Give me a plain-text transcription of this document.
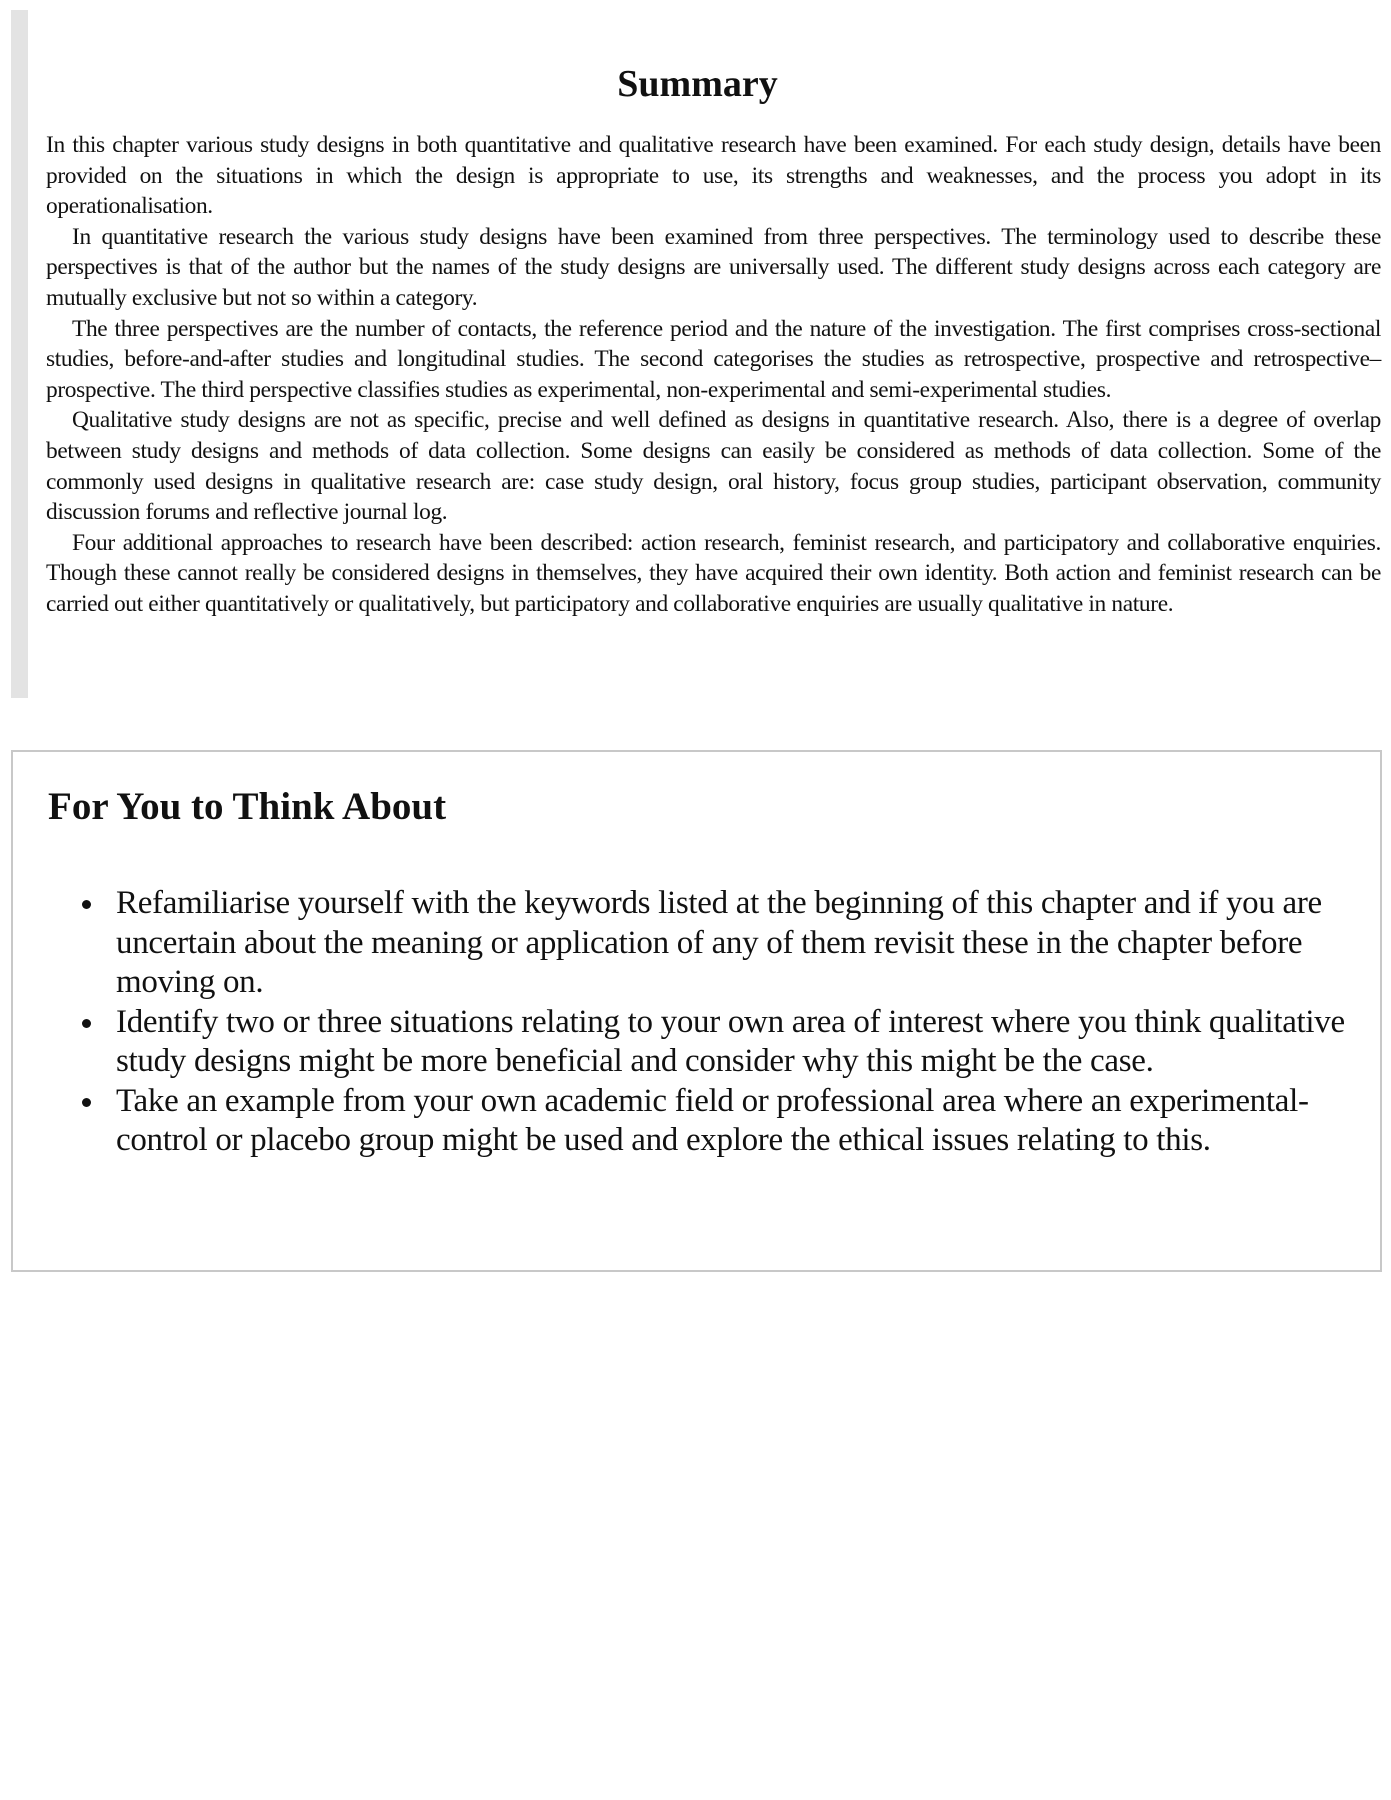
Summary

In this chapter various study designs in both quantitative and qualitative research have been examined. For each study design, details have been provided on the situations in which the design is appropriate to use, its strengths and weaknesses, and the process you adopt in its operationalisation.

In quantitative research the various study designs have been examined from three perspectives. The terminology used to describe these perspectives is that of the author but the names of the study designs are universally used. The different study designs across each category are mutually exclusive but not so within a category.

The three perspectives are the number of contacts, the reference period and the nature of the investigation. The first comprises cross-sectional studies, before-and-after studies and longitudinal studies. The second categorises the studies as retrospective, prospective and retrospective–prospective. The third perspective classifies studies as experimental, non-experimental and semi-experimental studies.

Qualitative study designs are not as specific, precise and well defined as designs in quantitative research. Also, there is a degree of overlap between study designs and methods of data collection. Some designs can easily be considered as methods of data collection. Some of the commonly used designs in qualitative research are: case study design, oral history, focus group studies, participant observation, community discussion forums and reflective journal log.

Four additional approaches to research have been described: action research, feminist research, and participatory and collaborative enquiries. Though these cannot really be considered designs in themselves, they have acquired their own identity. Both action and feminist research can be carried out either quantitatively or qualitatively, but participatory and collaborative enquiries are usually qualitative in nature.

For You to Think About
Refamiliarise yourself with the keywords listed at the beginning of this chapter and if you are uncertain about the meaning or application of any of them revisit these in the chapter before moving on.
Identify two or three situations relating to your own area of interest where you think qualitative study designs might be more beneficial and consider why this might be the case.
Take an example from your own academic field or professional area where an experimental-control or placebo group might be used and explore the ethical issues relating to this.
